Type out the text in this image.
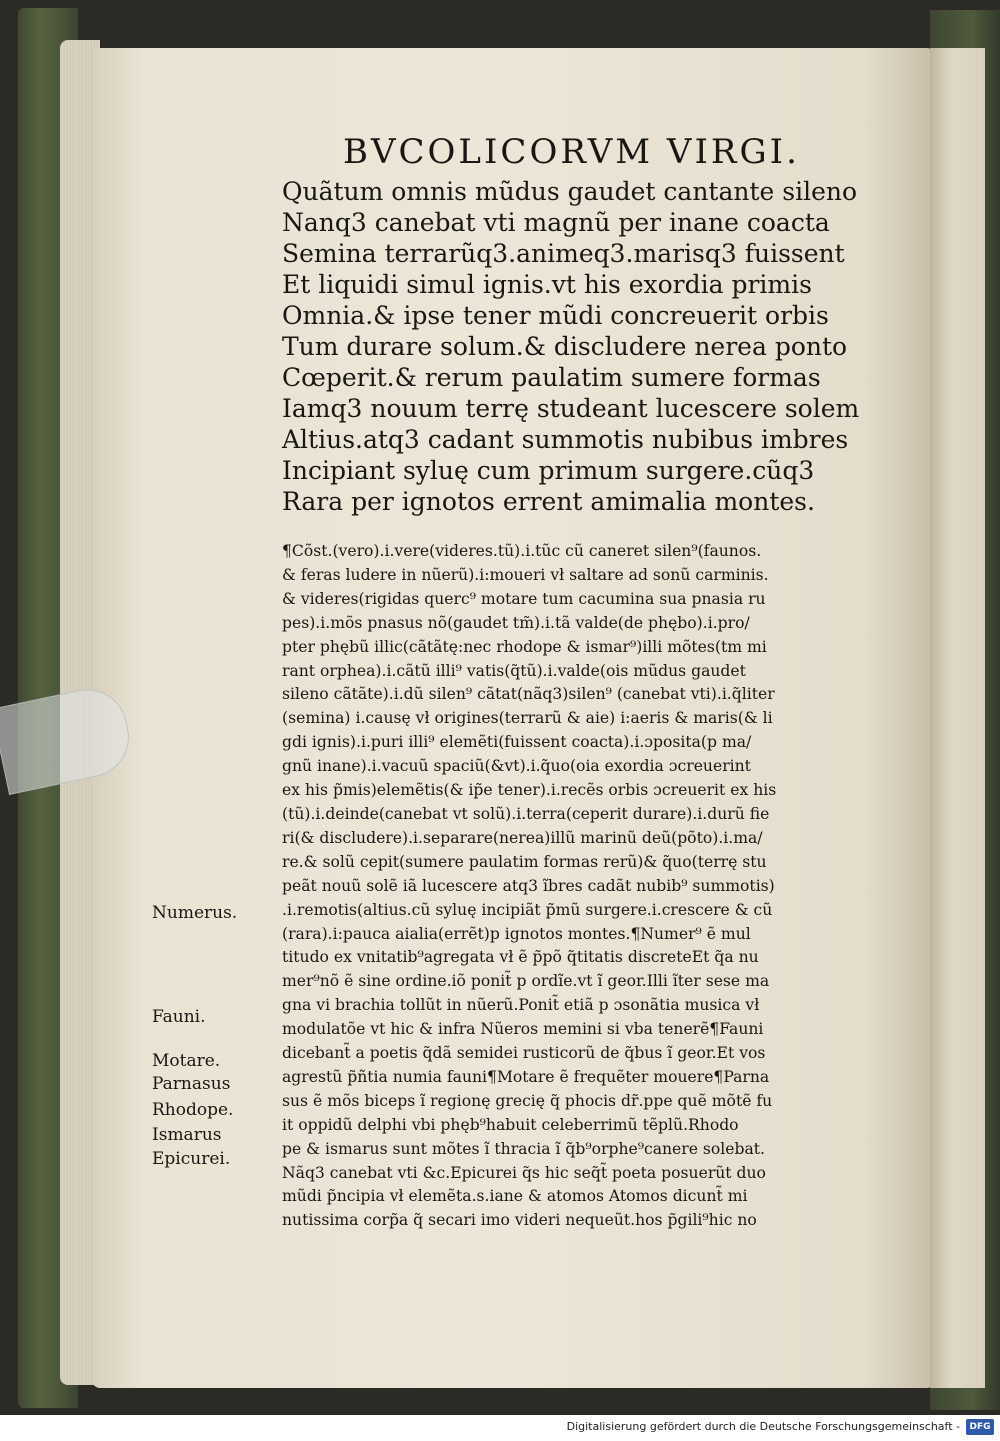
BVCOLICORVM VIRGI.
Quãtum omnis mũdus gaudet cantante sileno
Nanq3 canebat vti magnũ per inane coacta
Semina terrarũq3.animeq3.marisq3 fuissent
Et liquidi simul ignis.vt his exordia primis
Omnia.& ipse tener mũdi concreuerit orbis
Tum durare solum.& discludere nerea ponto
Cœperit.& rerum paulatim sumere formas
Iamq3 nouum terrę studeant lucescere solem
Altius.atq3 cadant summotis nubibus imbres
Incipiant syluę cum primum surgere.cũq3
Rara per ignotos errent amimalia montes.
¶Cõst.(vero).i.vere(videres.tũ).i.tũc cũ caneret silen⁹(faunos.
& feras ludere in nũerũ).i:moueri vł saltare ad sonũ carminis.
& videres(rigidas querc⁹ motare tum cacumina sua pnasia ru
pes).i.mõs pnasus nõ(gaudet tm̃).i.tã valde(de phębo).i.pro/
pter phębũ illic(cãtãtę:nec rhodope & ismar⁹)illi mõtes(tm mi
rant orphea).i.cãtũ illi⁹ vatis(q̃tũ).i.valde(ois mũdus gaudet
sileno cãtãte).i.dũ silen⁹ cãtat(nãq3)silen⁹ (canebat vti).i.q̃liter
(semina) i.causę vł origines(terrarũ & aie) i:aeris & maris(& li
gdi ignis).i.puri illi⁹ elemẽti(fuissent coacta).i.ɔposita(p ma/
gnũ inane).i.vacuũ spaciũ(&vt).i.q̃uo(oia exordia ɔcreuerint
ex his p̃mis)elemẽtis(& ip̃e tener).i.recẽs orbis ɔcreuerit ex his
(tũ).i.deinde(canebat vt solũ).i.terra(ceperit durare).i.durũ fie
ri(& discludere).i.separare(nerea)illũ marinũ deũ(põto).i.ma/
re.& solũ cepit(sumere paulatim formas rerũ)& q̃uo(terrę stu
peãt nouũ solẽ iã lucescere atq3 ĩbres cadãt nubib⁹ summotis)
.i.remotis(altius.cũ syluę incipiãt p̃mũ surgere.i.crescere & cũ
(rara).i:pauca aialia(errẽt)p ignotos montes.¶Numer⁹ ẽ mul
titudo ex vnitatib⁹agregata vł ẽ p̃põ q̃titatis discreteEt q̃a nu
mer⁹nõ ẽ sine ordine.iõ ponit̃ p ordĩe.vt ĩ geor.Illi ĩter sese ma
gna vi brachia tollũt in nũerũ.Ponit̃ etiã p ɔsonãtia musica vł
modulatõe vt hic & infra Nũeros memini si vba tenerẽ¶Fauni
dicebant̃ a poetis q̃dã semidei rusticorũ de q̃bus ĩ geor.Et vos
agrestũ p̃ñtia numia fauni¶Motare ẽ frequẽter mouere¶Parna
sus ẽ mõs biceps ĩ regionę grecię q̃ phocis dr̃.ppe quẽ mõtẽ fu
it oppidũ delphi vbi phęb⁹habuit celeberrimũ tẽplũ.Rhodo
pe & ismarus sunt mõtes ĩ thracia ĩ q̃b⁹orphe⁹canere solebat.
Nãq3 canebat vti &c.Epicurei q̃s hic seq̃t̃ poeta posuerũt duo
mũdi p̃ncipia vł elemẽta.s.iane & atomos Atomos dicunt̃ mi
nutissima corp̃a q̃ secari imo videri nequeũt.hos p̃gili⁹hic no
Numerus.
Fauni.
Motare.
Parnasus
Rhodope.
Ismarus
Epicurei.
Digitalisierung gefördert durch die Deutsche Forschungsgemeinschaft -	DFG
